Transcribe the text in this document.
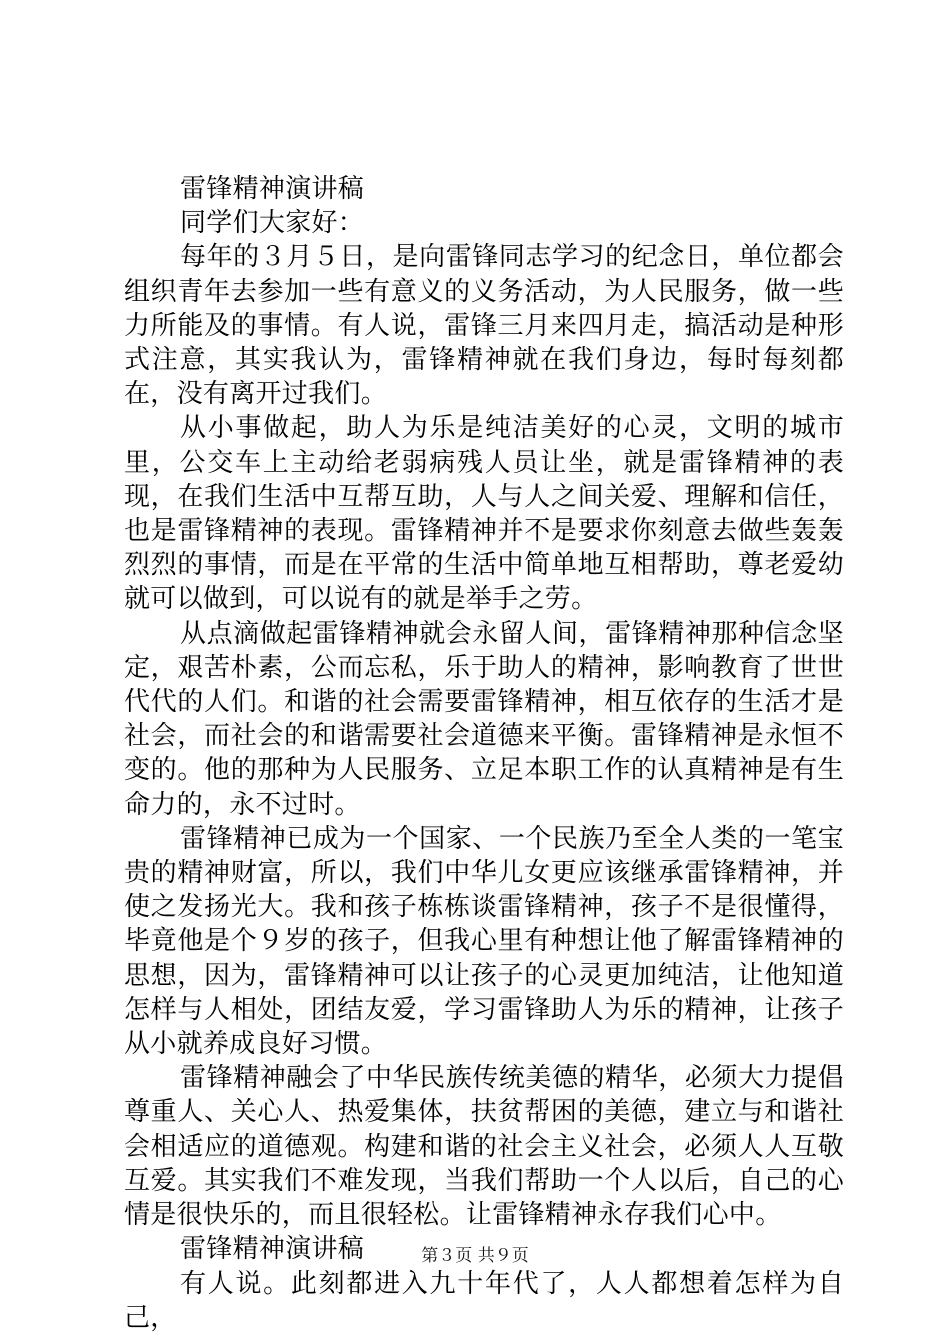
雷锋精神演讲稿

同学们大家好：

每年的３月５日，是向雷锋同志学习的纪念日，单位都会组织青年去参加一些有意义的义务活动，为人民服务，做一些力所能及的事情。有人说，雷锋三月来四月走，搞活动是种形式注意，其实我认为，雷锋精神就在我们身边，每时每刻都在，没有离开过我们。

从小事做起，助人为乐是纯洁美好的心灵，文明的城市里，公交车上主动给老弱病残人员让坐，就是雷锋精神的表现，在我们生活中互帮互助，人与人之间关爱、理解和信任，也是雷锋精神的表现。雷锋精神并不是要求你刻意去做些轰轰烈烈的事情，而是在平常的生活中简单地互相帮助，尊老爱幼就可以做到，可以说有的就是举手之劳。

从点滴做起雷锋精神就会永留人间，雷锋精神那种信念坚定，艰苦朴素，公而忘私，乐于助人的精神，影响教育了世世代代的人们。和谐的社会需要雷锋精神，相互依存的生活才是社会，而社会的和谐需要社会道德来平衡。雷锋精神是永恒不变的。他的那种为人民服务、立足本职工作的认真精神是有生命力的，永不过时。

雷锋精神已成为一个国家、一个民族乃至全人类的一笔宝贵的精神财富，所以，我们中华儿女更应该继承雷锋精神，并使之发扬光大。我和孩子栋栋谈雷锋精神，孩子不是很懂得，毕竟他是个９岁的孩子，但我心里有种想让他了解雷锋精神的思想，因为，雷锋精神可以让孩子的心灵更加纯洁，让他知道怎样与人相处，团结友爱，学习雷锋助人为乐的精神，让孩子从小就养成良好习惯。

雷锋精神融会了中华民族传统美德的精华，必须大力提倡尊重人、关心人、热爱集体，扶贫帮困的美德，建立与和谐社会相适应的道德观。构建和谐的社会主义社会，必须人人互敬互爱。其实我们不难发现，当我们帮助一个人以后，自己的心情是很快乐的，而且很轻松。让雷锋精神永存我们心中。

雷锋精神演讲稿

有人说。此刻都进入九十年代了，人人都想着怎样为自己，

第３页 共９页
